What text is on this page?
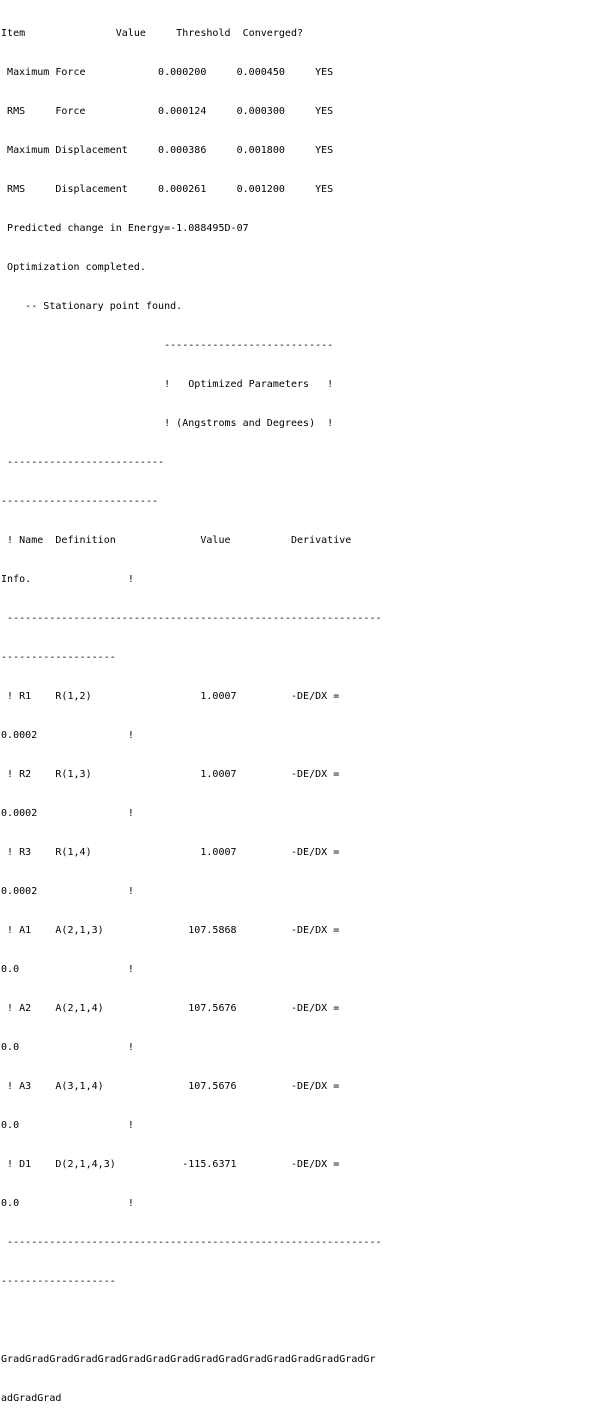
Item               Value     Threshold  Converged?

Maximum Force            0.000200     0.000450     YES

RMS     Force            0.000124     0.000300     YES

Maximum Displacement     0.000386     0.001800     YES

RMS     Displacement     0.000261     0.001200     YES

Predicted change in Energy=-1.088495D-07

Optimization completed.

-- Stationary point found.

----------------------------

!   Optimized Parameters   !

! (Angstroms and Degrees)  !

--------------------------

--------------------------

! Name  Definition              Value          Derivative

Info.                !

--------------------------------------------------------------

-------------------

! R1    R(1,2)                  1.0007         -DE/DX =

0.0002               !

! R2    R(1,3)                  1.0007         -DE/DX =

0.0002               !

! R3    R(1,4)                  1.0007         -DE/DX =

0.0002               !

! A1    A(2,1,3)              107.5868         -DE/DX =

0.0                  !

! A2    A(2,1,4)              107.5676         -DE/DX =

0.0                  !

! A3    A(3,1,4)              107.5676         -DE/DX =

0.0                  !

! D1    D(2,1,4,3)           -115.6371         -DE/DX =

0.0                  !

--------------------------------------------------------------

-------------------

GradGradGradGradGradGradGradGradGradGradGradGradGradGradGradGr

adGradGrad
